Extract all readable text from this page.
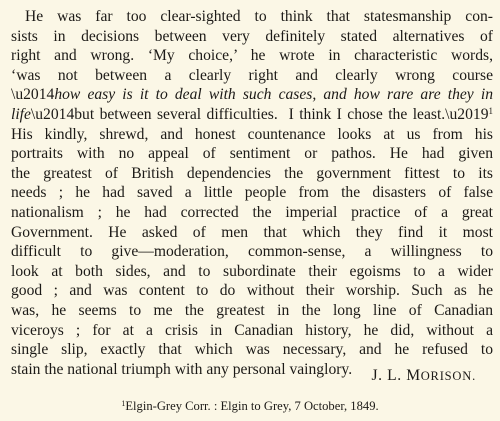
He was far too clear-sighted to think that statesmanship con-
sists in decisions between very definitely stated alternatives of
right and wrong. ‘My choice,’ he wrote in characteristic words,
‘was not between a clearly right and clearly wrong course
\u2014how easy is it to deal with such cases, and how rare are they in
life\u2014but between several difficulties.  I think I chose the least.\u2019$^1$
His kindly, shrewd, and honest countenance looks at us from his
portraits with no appeal of sentiment or pathos. He had given
the greatest of British dependencies the government fittest to its
needs ; he had saved a little people from the disasters of false
nationalism ; he had corrected the imperial practice of a great
Government. He asked of men that which they find it most
difficult to give—moderation, common-sense, a willingness to
look at both sides, and to subordinate their egoisms to a wider
good ; and was content to do without their worship. Such as he
was, he seems to me the greatest in the long line of Canadian
viceroys ; for at a crisis in Canadian history, he did, without a
single slip, exactly that which was necessary, and he refused to
stain the national triumph with any personal vainglory.	J. L. MORISON.
$^1$Elgin-Grey Corr. : Elgin to Grey, 7 October, 1849.
